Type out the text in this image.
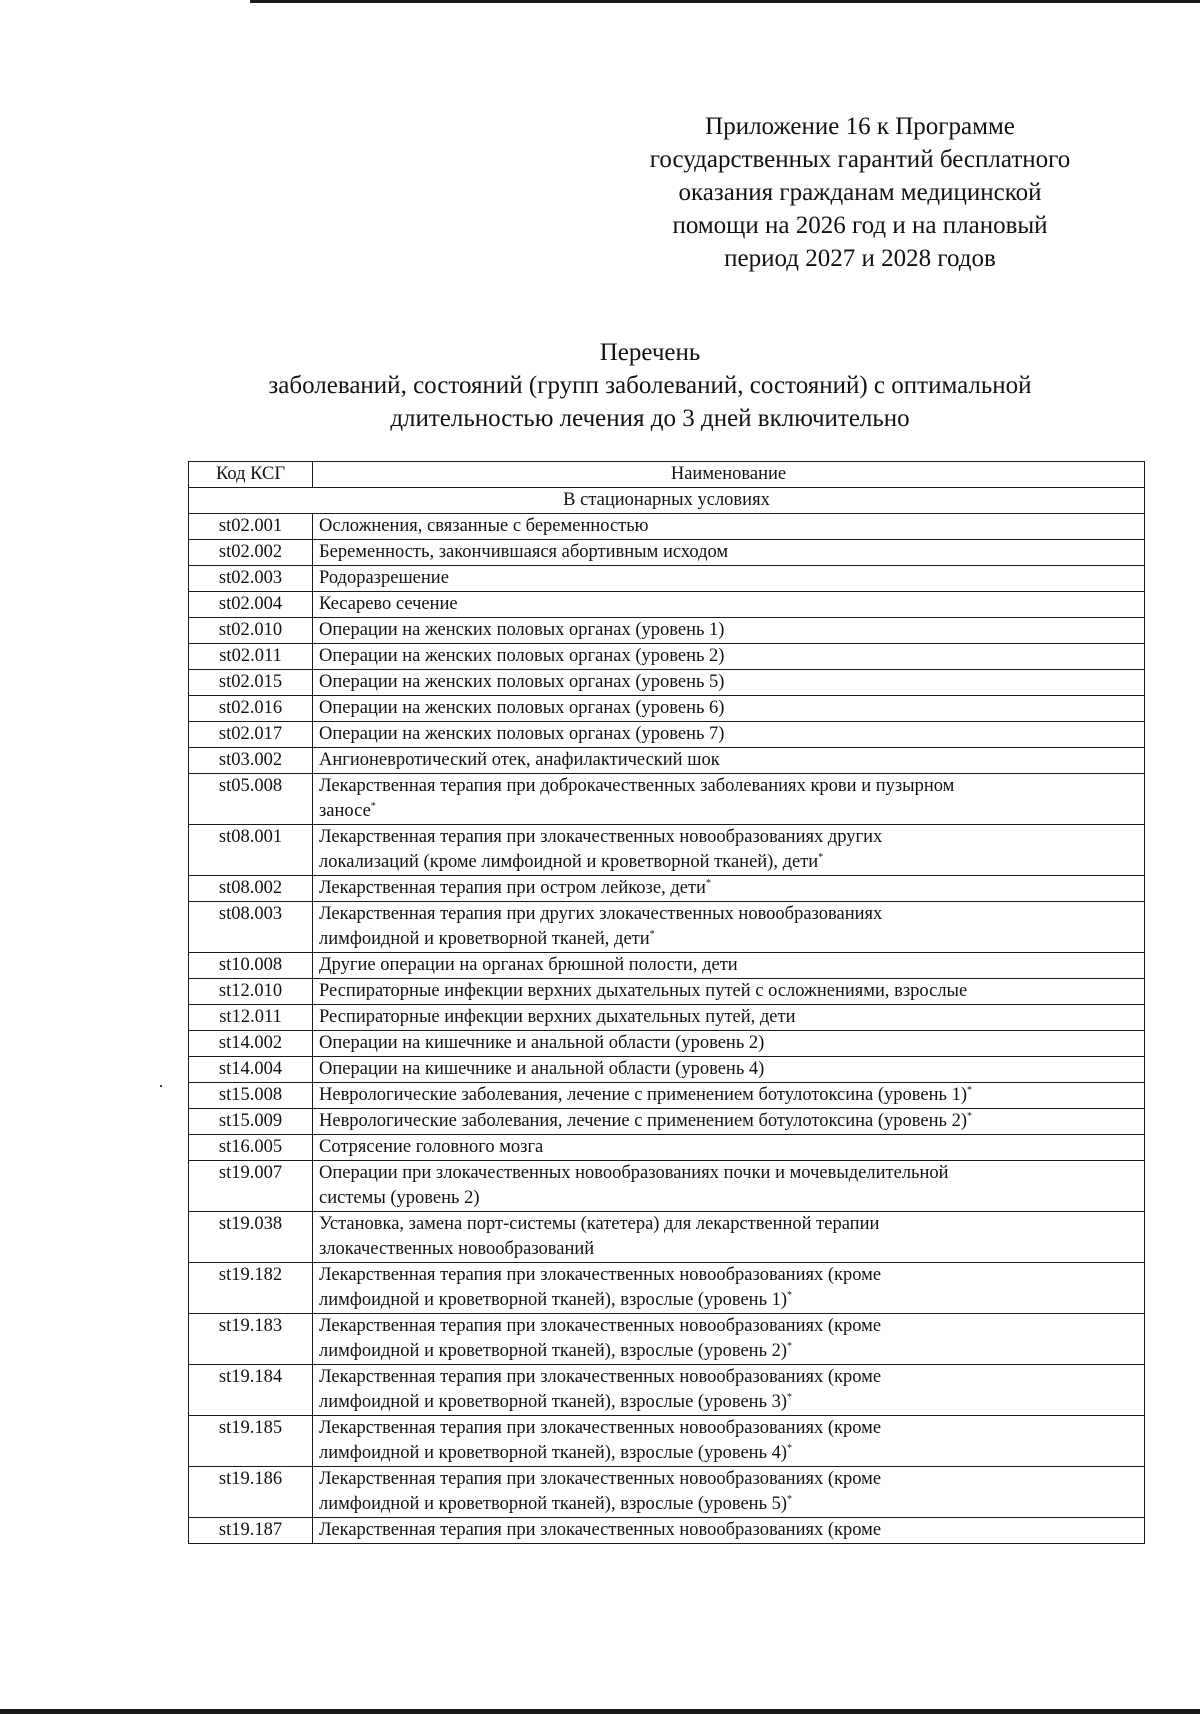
Приложение 16 к Программе
государственных гарантий бесплатного
оказания гражданам медицинской
помощи на 2026 год и на плановый
период 2027 и 2028 годов
Перечень
заболеваний, состояний (групп заболеваний, состояний) с оптимальной
длительностью лечения до 3 дней включительно
Код КСГ	Наименование
В стационарных условиях	
st02.001	Осложнения, связанные с беременностью

st02.002	Беременность, закончившаяся абортивным исходом

st02.003	Родоразрешение

st02.004	Кесарево сечение

st02.010	Операции на женских половых органах (уровень 1)

st02.011	Операции на женских половых органах (уровень 2)

st02.015	Операции на женских половых органах (уровень 5)

st02.016	Операции на женских половых органах (уровень 6)

st02.017	Операции на женских половых органах (уровень 7)

st03.002	Ангионевротический отек, анафилактический шок

st05.008	Лекарственная терапия при доброкачественных заболеваниях крови и пузырном
заносе*

st08.001	Лекарственная терапия при злокачественных новообразованиях других
локализаций (кроме лимфоидной и кроветворной тканей), дети*

st08.002	Лекарственная терапия при остром лейкозе, дети*

st08.003	Лекарственная терапия при других злокачественных новообразованиях
лимфоидной и кроветворной тканей, дети*

st10.008	Другие операции на органах брюшной полости, дети

st12.010	Респираторные инфекции верхних дыхательных путей с осложнениями, взрослые

st12.011	Респираторные инфекции верхних дыхательных путей, дети

st14.002	Операции на кишечнике и анальной области (уровень 2)

st14.004	Операции на кишечнике и анальной области (уровень 4)

st15.008	Неврологические заболевания, лечение с применением ботулотоксина (уровень 1)*

st15.009	Неврологические заболевания, лечение с применением ботулотоксина (уровень 2)*

st16.005	Сотрясение головного мозга

st19.007	Операции при злокачественных новообразованиях почки и мочевыделительной
системы (уровень 2)

st19.038	Установка, замена порт-системы (катетера) для лекарственной терапии
злокачественных новообразований

st19.182	Лекарственная терапия при злокачественных новообразованиях (кроме
лимфоидной и кроветворной тканей), взрослые (уровень 1)*

st19.183	Лекарственная терапия при злокачественных новообразованиях (кроме
лимфоидной и кроветворной тканей), взрослые (уровень 2)*

st19.184	Лекарственная терапия при злокачественных новообразованиях (кроме
лимфоидной и кроветворной тканей), взрослые (уровень 3)*

st19.185	Лекарственная терапия при злокачественных новообразованиях (кроме
лимфоидной и кроветворной тканей), взрослые (уровень 4)*

st19.186	Лекарственная терапия при злокачественных новообразованиях (кроме
лимфоидной и кроветворной тканей), взрослые (уровень 5)*

st19.187	Лекарственная терапия при злокачественных новообразованиях (кроме
